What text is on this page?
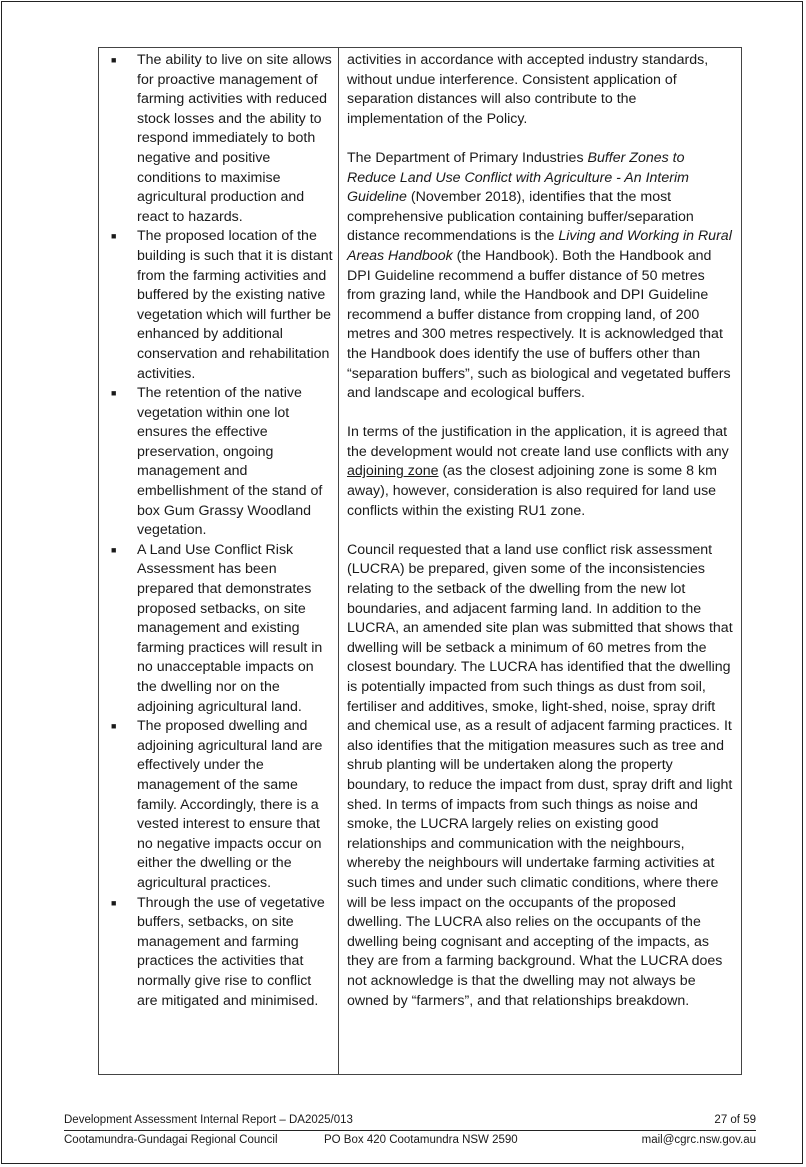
■	The ability to live on site allows for proactive management of farming activities with reduced stock losses and the ability to respond immediately to both negative and positive conditions to maximise agricultural production and react to hazards.
■	The proposed location of the building is such that it is distant from the farming activities and buffered by the existing native vegetation which will further be enhanced by additional conservation and rehabilitation activities.
■	The retention of the native vegetation within one lot ensures the effective preservation, ongoing management and embellishment of the stand of box Gum Grassy Woodland vegetation.
■	A Land Use Conflict Risk Assessment has been prepared that demonstrates proposed setbacks, on site management and existing farming practices will result in no unacceptable impacts on the dwelling nor on the adjoining agricultural land.
■	The proposed dwelling and adjoining agricultural land are effectively under the management of the same family. Accordingly, there is a vested interest to ensure that no negative impacts occur on either the dwelling or the agricultural practices.
■	Through the use of vegetative buffers, setbacks, on site management and farming practices the activities that normally give rise to conflict are mitigated and minimised.

activities in accordance with accepted industry standards, without undue interference. Consistent application of separation distances will also contribute to the implementation of the Policy.

The Department of Primary Industries Buffer Zones to Reduce Land Use Conflict with Agriculture - An Interim Guideline (November 2018), identifies that the most comprehensive publication containing buffer/separation distance recommendations is the Living and Working in Rural Areas Handbook (the Handbook). Both the Handbook and DPI Guideline recommend a buffer distance of 50 metres from grazing land, while the Handbook and DPI Guideline recommend a buffer distance from cropping land, of 200 metres and 300 metres respectively. It is acknowledged that the Handbook does identify the use of buffers other than “separation buffers”, such as biological and vegetated buffers and landscape and ecological buffers.

In terms of the justification in the application, it is agreed that the development would not create land use conflicts with any adjoining zone (as the closest adjoining zone is some 8 km away), however, consideration is also required for land use conflicts within the existing RU1 zone.

Council requested that a land use conflict risk assessment (LUCRA) be prepared, given some of the inconsistencies relating to the setback of the dwelling from the new lot boundaries, and adjacent farming land. In addition to the LUCRA, an amended site plan was submitted that shows that dwelling will be setback a minimum of 60 metres from the closest boundary. The LUCRA has identified that the dwelling is potentially impacted from such things as dust from soil, fertiliser and additives, smoke, light-shed, noise, spray drift and chemical use, as a result of adjacent farming practices. It also identifies that the mitigation measures such as tree and shrub planting will be undertaken along the property boundary, to reduce the impact from dust, spray drift and light shed. In terms of impacts from such things as noise and smoke, the LUCRA largely relies on existing good relationships and communication with the neighbours, whereby the neighbours will undertake farming activities at such times and under such climatic conditions, where there will be less impact on the occupants of the proposed dwelling. The LUCRA also relies on the occupants of the dwelling being cognisant and accepting of the impacts, as they are from a farming background. What the LUCRA does not acknowledge is that the dwelling may not always be owned by “farmers”, and that relationships breakdown.

Development Assessment Internal Report – DA2025/013	27 of 59
Cootamundra-Gundagai Regional Council	PO Box 420 Cootamundra NSW 2590	mail@cgrc.nsw.gov.au
